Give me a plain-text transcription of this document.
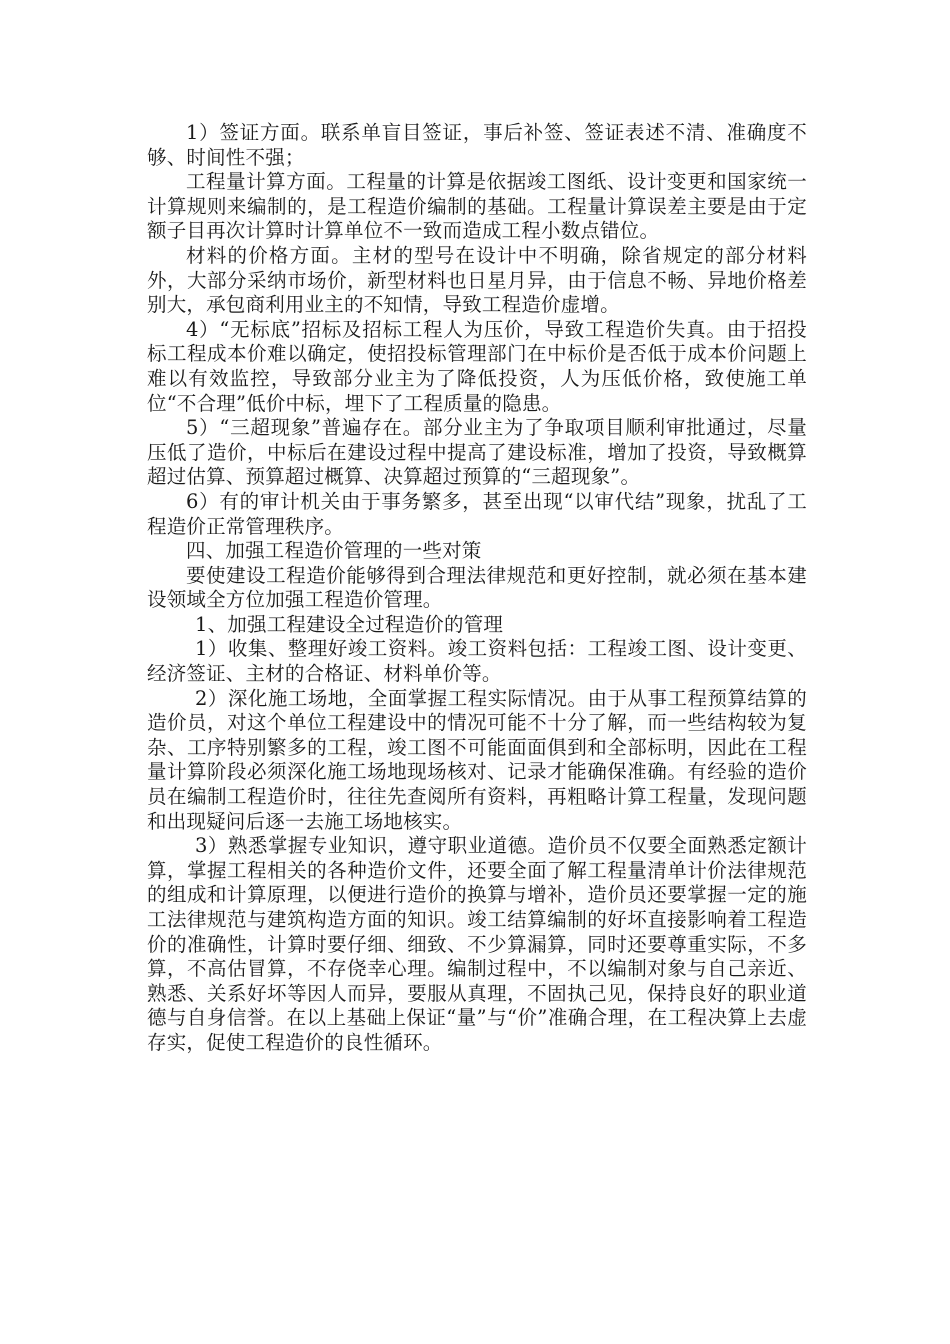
1）签证方面。联系单盲目签证，事后补签、签证表述不清、准确度不够、时间性不强；

工程量计算方面。工程量的计算是依据竣工图纸、设计变更和国家统一计算规则来编制的，是工程造价编制的基础。工程量计算误差主要是由于定额子目再次计算时计算单位不一致而造成工程小数点错位。

材料的价格方面。主材的型号在设计中不明确，除省规定的部分材料外，大部分采纳市场价，新型材料也日星月异，由于信息不畅、异地价格差别大，承包商利用业主的不知情，导致工程造价虚增。

4）“无标底”招标及招标工程人为压价，导致工程造价失真。由于招投标工程成本价难以确定，使招投标管理部门在中标价是否低于成本价问题上难以有效监控，导致部分业主为了降低投资，人为压低价格，致使施工单位“不合理”低价中标，埋下了工程质量的隐患。

5）“三超现象”普遍存在。部分业主为了争取项目顺利审批通过，尽量压低了造价，中标后在建设过程中提高了建设标准，增加了投资，导致概算超过估算、预算超过概算、决算超过预算的“三超现象”。

6）有的审计机关由于事务繁多，甚至出现“以审代结”现象，扰乱了工程造价正常管理秩序。

四、加强工程造价管理的一些对策

要使建设工程造价能够得到合理法律规范和更好控制，就必须在基本建设领域全方位加强工程造价管理。

1、加强工程建设全过程造价的管理

1）收集、整理好竣工资料。竣工资料包括：工程竣工图、设计变更、经济签证、主材的合格证、材料单价等。

2）深化施工场地，全面掌握工程实际情况。由于从事工程预算结算的造价员，对这个单位工程建设中的情况可能不十分了解，而一些结构较为复杂、工序特别繁多的工程，竣工图不可能面面俱到和全部标明，因此在工程量计算阶段必须深化施工场地现场核对、记录才能确保准确。有经验的造价员在编制工程造价时，往往先查阅所有资料，再粗略计算工程量，发现问题和出现疑问后逐一去施工场地核实。

3）熟悉掌握专业知识，遵守职业道德。造价员不仅要全面熟悉定额计算，掌握工程相关的各种造价文件，还要全面了解工程量清单计价法律规范的组成和计算原理，以便进行造价的换算与增补，造价员还要掌握一定的施工法律规范与建筑构造方面的知识。竣工结算编制的好坏直接影响着工程造价的准确性，计算时要仔细、细致、不少算漏算，同时还要尊重实际，不多算，不高估冒算，不存侥幸心理。编制过程中，不以编制对象与自己亲近、熟悉、关系好坏等因人而异，要服从真理，不固执己见，保持良好的职业道德与自身信誉。在以上基础上保证“量”与“价”准确合理，在工程决算上去虚存实，促使工程造价的良性循环。
